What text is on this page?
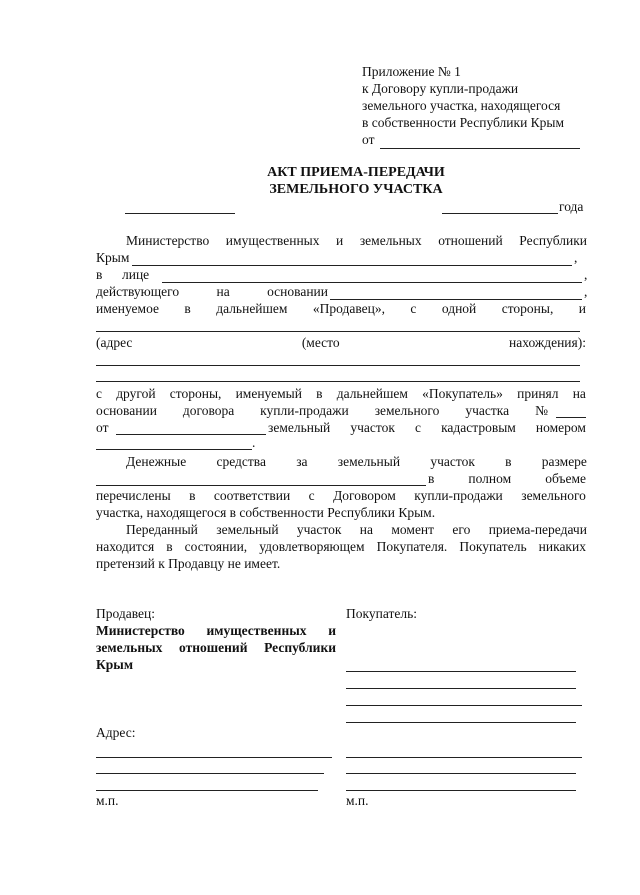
Приложение № 1
к Договору купли-продажи
земельного участка, находящегося
в собственности Республики Крым
от
АКТ ПРИЕМА-ПЕРЕДАЧИ
ЗЕМЕЛЬНОГО УЧАСТКА
года
Министерство имущественных и земельных отношений Республики
Крым	,
в лице	,
действующего	на	основании	,
именуемое в дальнейшем «Продавец», с одной стороны, и
(адрес	(место	нахождения):
с другой стороны, именуемый в дальнейшем «Покупатель» принял на
основании договора купли-продажи земельного участка №
от	земельный участок с кадастровым номером
.
Денежные средства за земельный участок в размере
в	полном	объеме
перечислены в соответствии с Договором купли-продажи земельного
участка, находящегося в собственности Республики Крым.
Переданный земельный участок на момент его приема-передачи
находится в состоянии, удовлетворяющем Покупателя. Покупатель никаких
претензий к Продавцу не имеет.
Продавец:
Министерство имущественных и
земельных отношений Республики
Крым
Адрес:
м.п.
Покупатель:
м.п.
